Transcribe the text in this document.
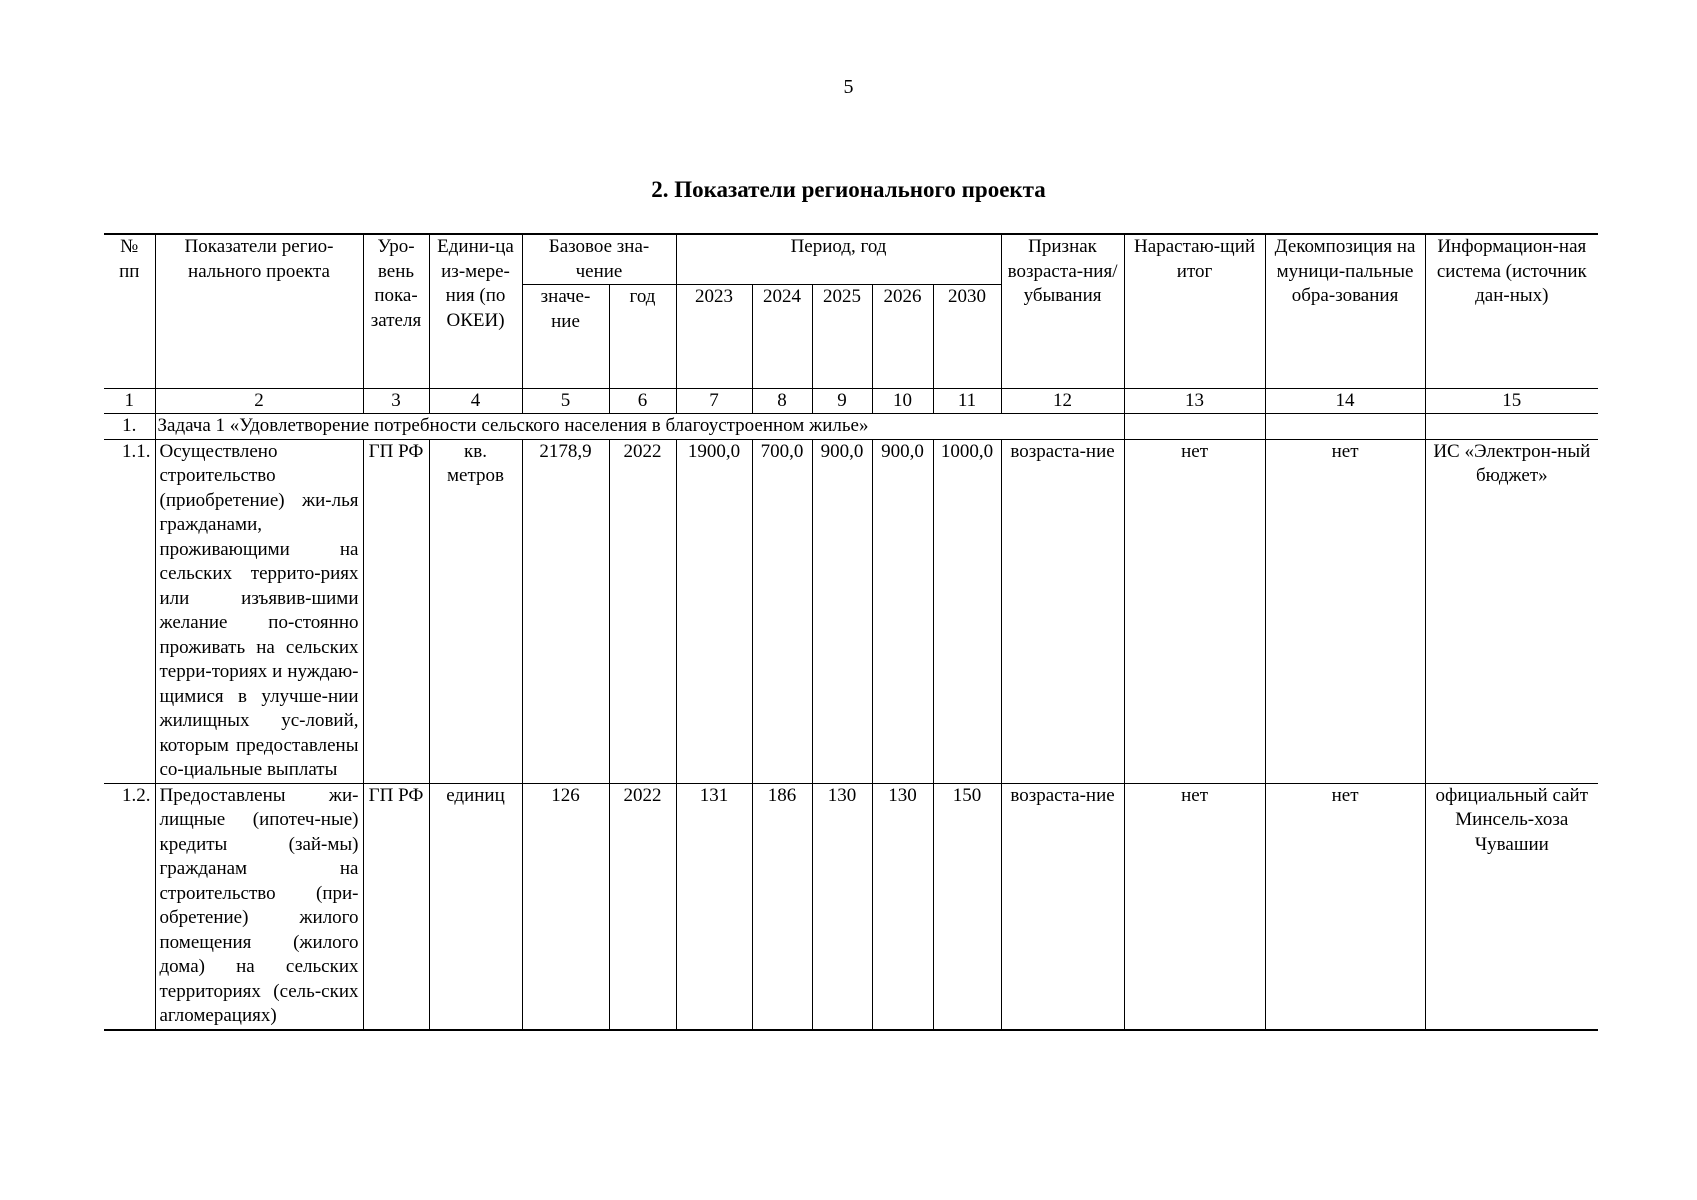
5
2. Показатели регионального проекта
№ пп	Показатели регио-нального проекта	Уро-вень пока-зателя	Едини-ца из-мере-ния (по ОКЕИ)	Базовое зна-чение		Период, год					Признак возраста-ния/ убывания	Нарастаю-щий итог	Декомпозиция на муници-пальные обра-зования	Информацион-ная система (источник дан-ных)
				значе-ние	год	2023	2024	2025	2026	2030				
1	2	3	4	5	6	7	8	9	10	11	12	13	14	15
1.	Задача 1 «Удовлетворение потребности сельского населения в благоустроенном жилье»													
1.1.	Осуществлено строительство (приобретение) жи-лья гражданами, проживающими на сельских террито-риях или изъявив-шими желание по-стоянно проживать на сельских терри-ториях и нуждаю-щимися в улучше-нии жилищных ус-ловий, которым предоставлены со-циальные выплаты	ГП РФ	кв. метров	2178,9	2022	1900,0	700,0	900,0	900,0	1000,0	возраста-ние	нет	нет	ИС «Электрон-ный бюджет»
1.2.	Предоставлены жи-лищные (ипотеч-ные) кредиты (зай-мы) гражданам на строительство (при-обретение) жилого помещения (жилого дома) на сельских территориях (сель-ских агломерациях)	ГП РФ	единиц	126	2022	131	186	130	130	150	возраста-ние	нет	нет	официальный сайт Минсель-хоза Чувашии
